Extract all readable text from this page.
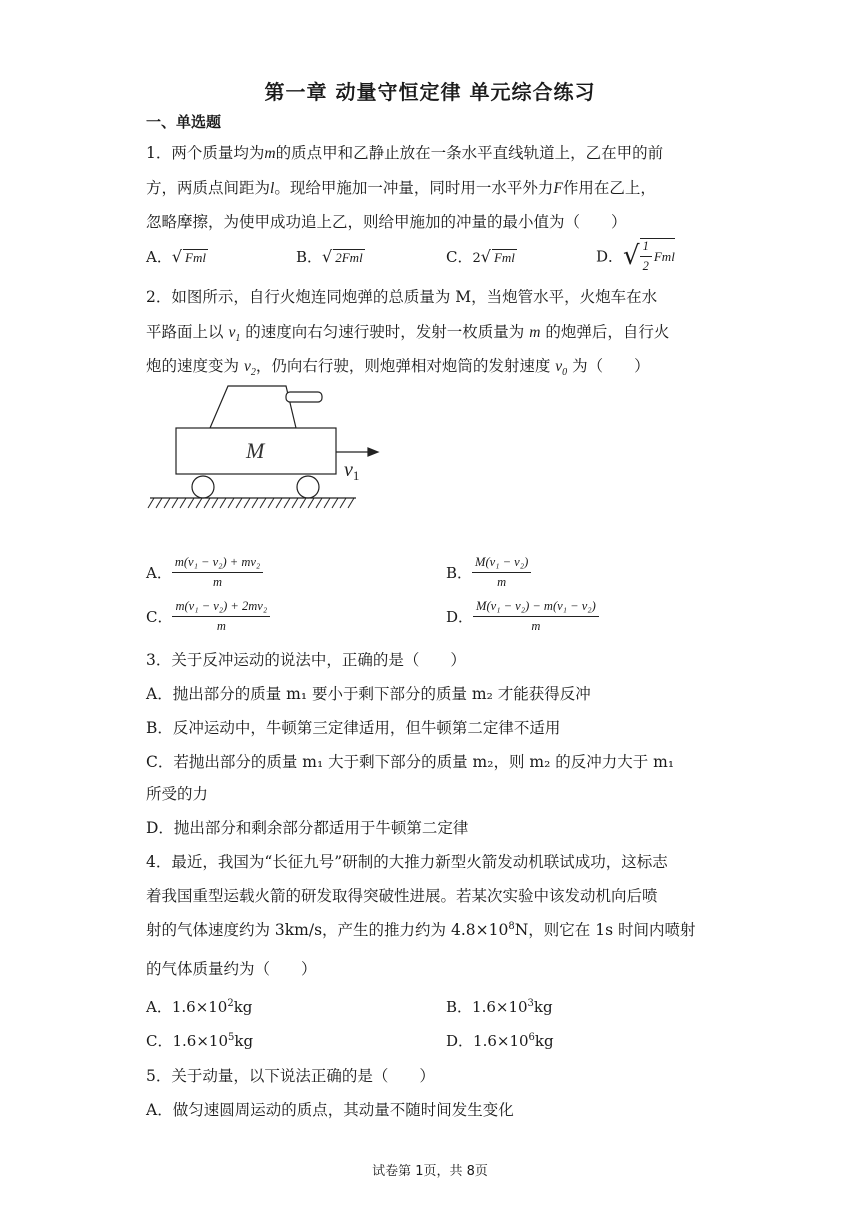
第一章 动量守恒定律 单元综合练习
一、单选题
1．两个质量均为m的质点甲和乙静止放在一条水平直线轨道上，乙在甲的前
方，两质点间距为l。现给甲施加一冲量，同时用一水平外力F作用在乙上，
忽略摩擦，为使甲成功追上乙，则给甲施加的冲量的最小值为（　　）
A．√ Fml	B．√ 2Fml	C．2√ Fml	D．√ $\frac{1}{2}$ Fml
2．如图所示，自行火炮连同炮弹的总质量为 M，当炮管水平，火炮车在水
平路面上以 $v_1$ 的速度向右匀速行驶时，发射一枚质量为 m 的炮弹后，自行火
炮的速度变为 $v_2$，仍向右行驶，则炮弹相对炮筒的发射速度 $v_0$ 为（　　）
M
$v_1$
A． $\frac{\text{m(v₁ − v₂) + mv₂}}{m}$	B． $\frac{\text{M(v₁ − v₂)}}{m}$
C． $\frac{\text{m(v₁ − v₂) + 2mv₂}}{m}$	D． $\frac{\text{M(v₁ − v₂) − m(v₁ − v₂)}}{m}$
3．关于反冲运动的说法中，正确的是（　　）
A．抛出部分的质量 m₁ 要小于剩下部分的质量 m₂ 才能获得反冲
B．反冲运动中，牛顿第三定律适用，但牛顿第二定律不适用
C．若抛出部分的质量 m₁ 大于剩下部分的质量 m₂，则 m₂ 的反冲力大于 m₁
所受的力
D．抛出部分和剩余部分都适用于牛顿第二定律
4．最近，我国为“长征九号”研制的大推力新型火箭发动机联试成功，这标志
着我国重型运载火箭的研发取得突破性进展。若某次实验中该发动机向后喷
射的气体速度约为 3km/s，产生的推力约为 $4.8\times 10^8N$，则它在 1s 时间内喷射
的气体质量约为（　　）
A．$1.6\times 10^2kg$	B．$1.6\times 10^3kg$
C．$1.6\times 10^5kg$	D．$1.6\times 10^6kg$
5．关于动量，以下说法正确的是（　　）
A．做匀速圆周运动的质点，其动量不随时间发生变化
试卷第 1页，共 8页
